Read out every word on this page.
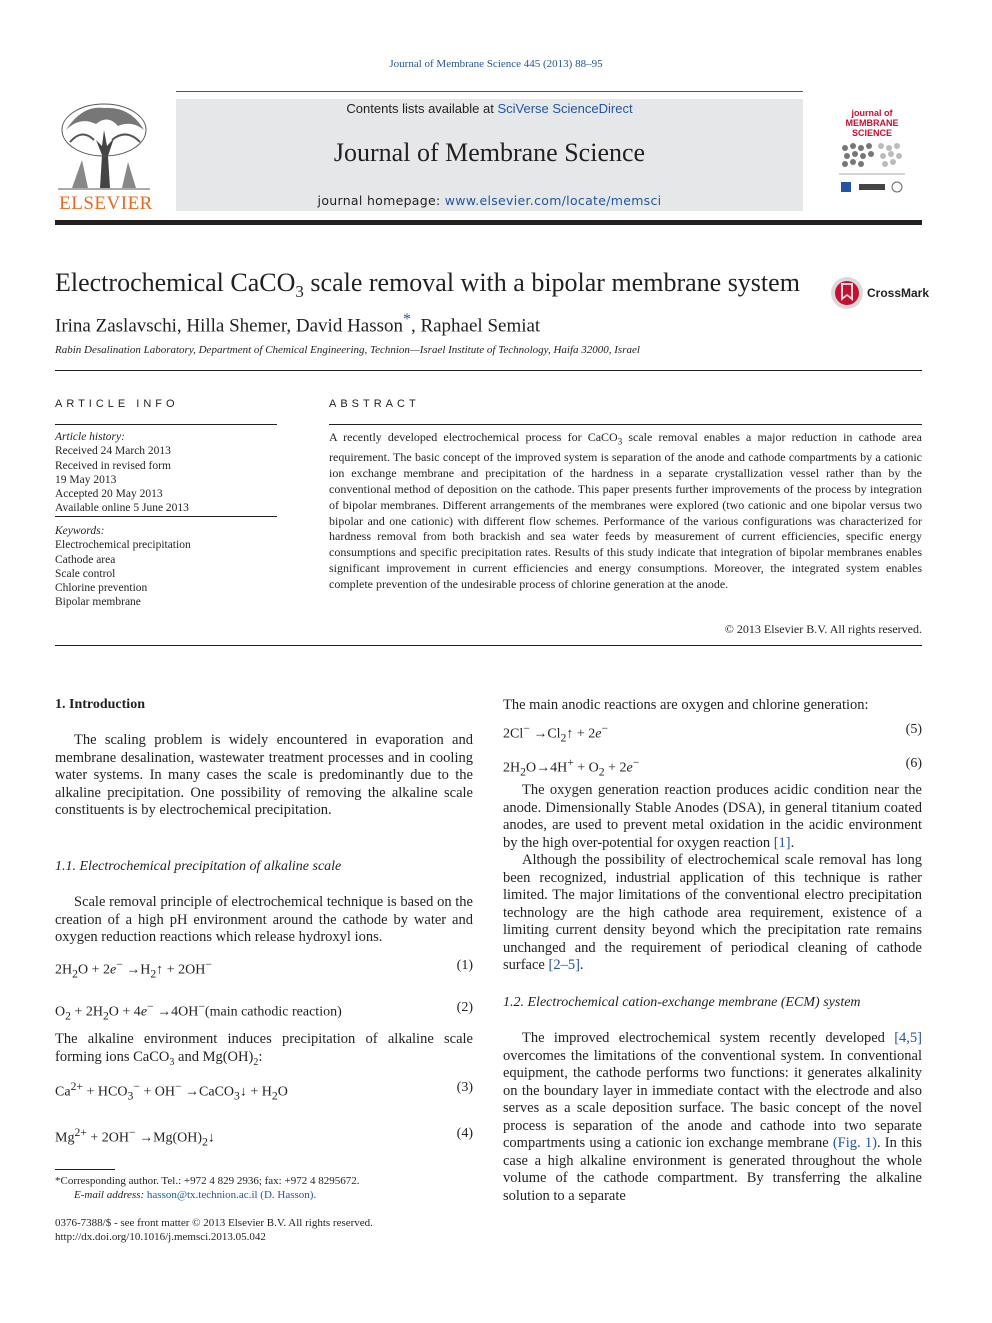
Journal of Membrane Science 445 (2013) 88–95
ELSEVIER
Contents lists available at SciVerse ScienceDirect
Journal of Membrane Science
journal homepage: www.elsevier.com/locate/memsci
journal of MEMBRANE SCIENCE
Electrochemical CaCO$_3$ scale removal with a bipolar membrane system	CrossMark
Irina Zaslavschi, Hilla Shemer, David Hasson*, Raphael Semiat
Rabin Desalination Laboratory, Department of Chemical Engineering, Technion—Israel Institute of Technology, Haifa 32000, Israel
ARTICLE INFO
Article history:
Received 24 March 2013
Received in revised form
19 May 2013
Accepted 20 May 2013
Available online 5 June 2013
Keywords:
Electrochemical precipitation
Cathode area
Scale control
Chlorine prevention
Bipolar membrane
ABSTRACT
A recently developed electrochemical process for CaCO$_3$ scale removal enables a major reduction in cathode area requirement. The basic concept of the improved system is separation of the anode and cathode compartments by a cationic ion exchange membrane and precipitation of the hardness in a separate crystallization vessel rather than by the conventional method of deposition on the cathode. This paper presents further improvements of the process by integration of bipolar membranes. Different arrangements of the membranes were explored (two cationic and one bipolar versus two bipolar and one cationic) with different flow schemes. Performance of the various configurations was characterized for hardness removal from both brackish and sea water feeds by measurement of current efficiencies, specific energy consumptions and specific precipitation rates. Results of this study indicate that integration of bipolar membranes enables significant improvement in current efficiencies and energy consumptions. Moreover, the integrated system enables complete prevention of the undesirable process of chlorine generation at the anode.
© 2013 Elsevier B.V. All rights reserved.
1. Introduction

The scaling problem is widely encountered in evaporation and membrane desalination, wastewater treatment processes and in cooling water systems. In many cases the scale is predominantly due to the alkaline precipitation. One possibility of removing the alkaline scale constituents is by electrochemical precipitation.

1.1. Electrochemical precipitation of alkaline scale

Scale removal principle of electrochemical technique is based on the creation of a high pH environment around the cathode by water and oxygen reduction reactions which release hydroxyl ions.

$2H_2O + 2e^-$ $\to H_2↑ + 2OH^-$	(1)
$O_2 + 2H_2O + 4e^-$ →4OH−(main cathodic reaction)	(2)

The alkaline environment induces precipitation of alkaline scale forming ions CaCO$_3$ and $Mg(OH)_2$:

$Ca^{2+} + HCO_3^- + OH^-$ →CaCO$_3$↓ + $H_2O$	(3)
$Mg^{2+} + 2OH^-$ $\to Mg(OH)_2↓$	(4)
*Corresponding author. Tel.: +972 4 829 2936; fax: +972 4 8295672.
E-mail address: hasson@tx.technion.ac.il (D. Hasson).
0376-7388/$ - see front matter © 2013 Elsevier B.V. All rights reserved.
http://dx.doi.org/10.1016/j.memsci.2013.05.042

The main anodic reactions are oxygen and chlorine generation:

$2Cl^- \to Cl_2↑ + 2e^-$	(5)
$2H_2O\to 4H^+ + O_2 + 2e^-$	(6)

The oxygen generation reaction produces acidic condition near the anode. Dimensionally Stable Anodes (DSA), in general titanium coated anodes, are used to prevent metal oxidation in the acidic environment by the high over-potential for oxygen reaction [1].

Although the possibility of electrochemical scale removal has long been recognized, industrial application of this technique is rather limited. The major limitations of the conventional electro precipitation technology are the high cathode area requirement, existence of a limiting current density beyond which the precipitation rate remains unchanged and the requirement of periodical cleaning of cathode surface [2–5].

1.2. Electrochemical cation-exchange membrane (ECM) system

The improved electrochemical system recently developed [4,5] overcomes the limitations of the conventional system. In conventional equipment, the cathode performs two functions: it generates alkalinity on the boundary layer in immediate contact with the electrode and also serves as a scale deposition surface. The basic concept of the novel process is separation of the anode and cathode into two separate compartments using a cationic ion exchange membrane (Fig. 1). In this case a high alkaline environment is generated throughout the whole volume of the cathode compartment. By transferring the alkaline solution to a separate
